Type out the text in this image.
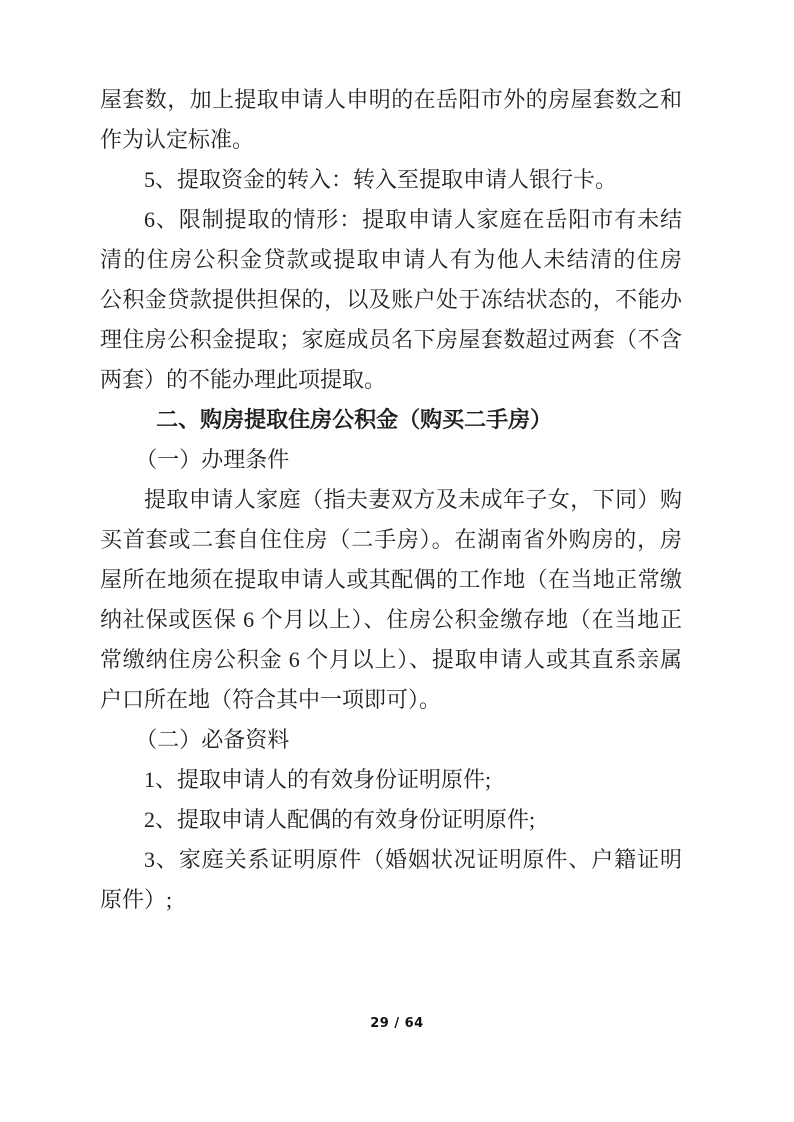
屋套数，加上提取申请人申明的在岳阳市外的房屋套数之和
作为认定标准。
5、提取资金的转入：转入至提取申请人银行卡。
6、限制提取的情形：提取申请人家庭在岳阳市有未结
清的住房公积金贷款或提取申请人有为他人未结清的住房
公积金贷款提供担保的，以及账户处于冻结状态的，不能办
理住房公积金提取；家庭成员名下房屋套数超过两套（不含
两套）的不能办理此项提取。
二、购房提取住房公积金（购买二手房）
（一）办理条件
提取申请人家庭（指夫妻双方及未成年子女，下同）购
买首套或二套自住住房（二手房）。在湖南省外购房的，房
屋所在地须在提取申请人或其配偶的工作地（在当地正常缴
纳社保或医保 6 个月以上）、住房公积金缴存地（在当地正
常缴纳住房公积金 6 个月以上）、提取申请人或其直系亲属
户口所在地（符合其中一项即可）。
（二）必备资料
1、提取申请人的有效身份证明原件;
2、提取申请人配偶的有效身份证明原件;
3、家庭关系证明原件（婚姻状况证明原件、户籍证明
原件）;
29 / 64
